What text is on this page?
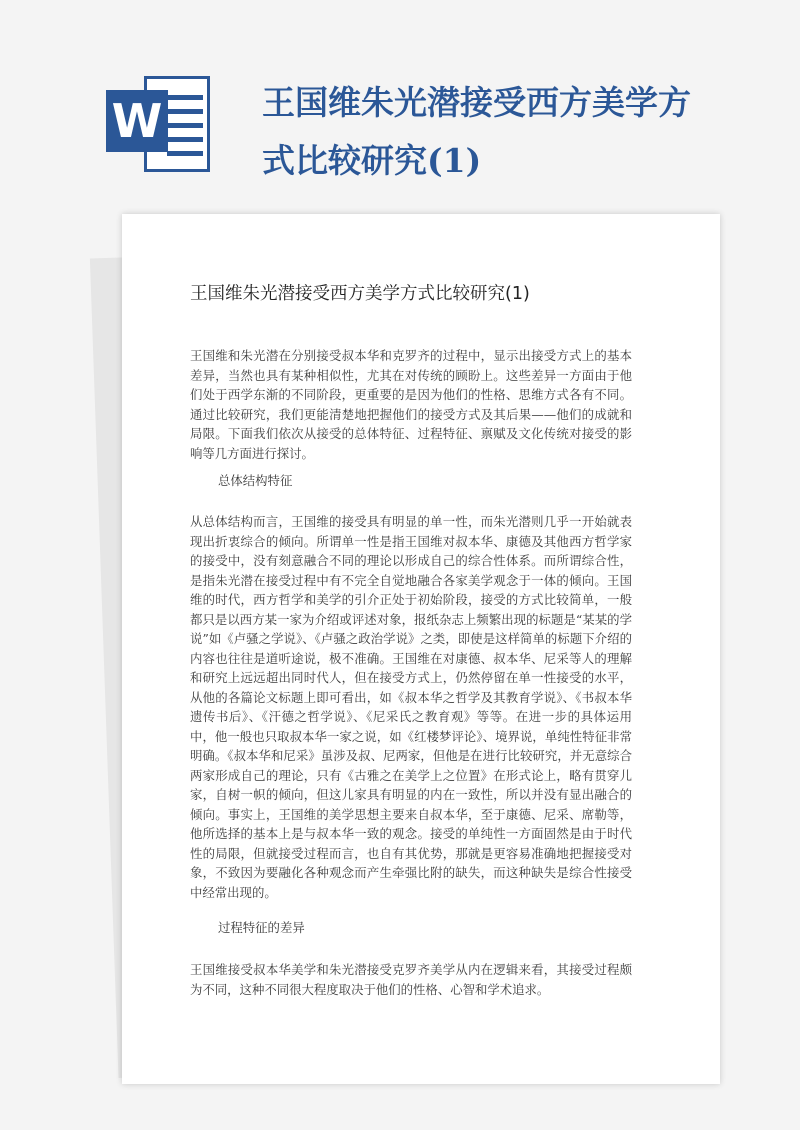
W	王国维朱光潜接受西方美学方式比较研究(1)
王国维朱光潜接受西方美学方式比较研究(1)

王国维和朱光潜在分别接受叔本华和克罗齐的过程中，显示出接受方式上的基本差异，当然也具有某种相似性，尤其在对传统的顾盼上。这些差异一方面由于他们处于西学东渐的不同阶段，更重要的是因为他们的性格、思维方式各有不同。通过比较研究，我们更能清楚地把握他们的接受方式及其后果——他们的成就和局限。下面我们依次从接受的总体特征、过程特征、禀赋及文化传统对接受的影响等几方面进行探讨。

总体结构特征

从总体结构而言，王国维的接受具有明显的单一性，而朱光潜则几乎一开始就表现出折衷综合的倾向。所谓单一性是指王国维对叔本华、康德及其他西方哲学家的接受中，没有刻意融合不同的理论以形成自己的综合性体系。而所谓综合性，是指朱光潜在接受过程中有不完全自觉地融合各家美学观念于一体的倾向。王国维的时代，西方哲学和美学的引介正处于初始阶段，接受的方式比较简单，一般都只是以西方某一家为介绍或评述对象，报纸杂志上频繁出现的标题是“某某的学说”如《卢骚之学说》、《卢骚之政治学说》之类，即使是这样简单的标题下介绍的内容也往往是道听途说，极不准确。王国维在对康德、叔本华、尼采等人的理解和研究上远远超出同时代人，但在接受方式上，仍然停留在单一性接受的水平，从他的各篇论文标题上即可看出，如《叔本华之哲学及其教育学说》、《书叔本华遗传书后》、《汗德之哲学说》、《尼采氏之教育观》等等。在进一步的具体运用中，他一般也只取叔本华一家之说，如《红楼梦评论》、境界说，单纯性特征非常明确。《叔本华和尼采》虽涉及叔、尼两家，但他是在进行比较研究，并无意综合两家形成自己的理论，只有《古雅之在美学上之位置》在形式论上，略有贯穿儿家，自树一帜的倾向，但这儿家具有明显的内在一致性，所以并没有显出融合的倾向。事实上，王国维的美学思想主要来自叔本华，至于康德、尼采、席勒等，他所选择的基本上是与叔本华一致的观念。接受的单纯性一方面固然是由于时代性的局限，但就接受过程而言，也自有其优势，那就是更容易准确地把握接受对象，不致因为要融化各种观念而产生牵强比附的缺失，而这种缺失是综合性接受中经常出现的。

过程特征的差异

王国维接受叔本华美学和朱光潜接受克罗齐美学从内在逻辑来看，其接受过程颇为不同，这种不同很大程度取决于他们的性格、心智和学术追求。
